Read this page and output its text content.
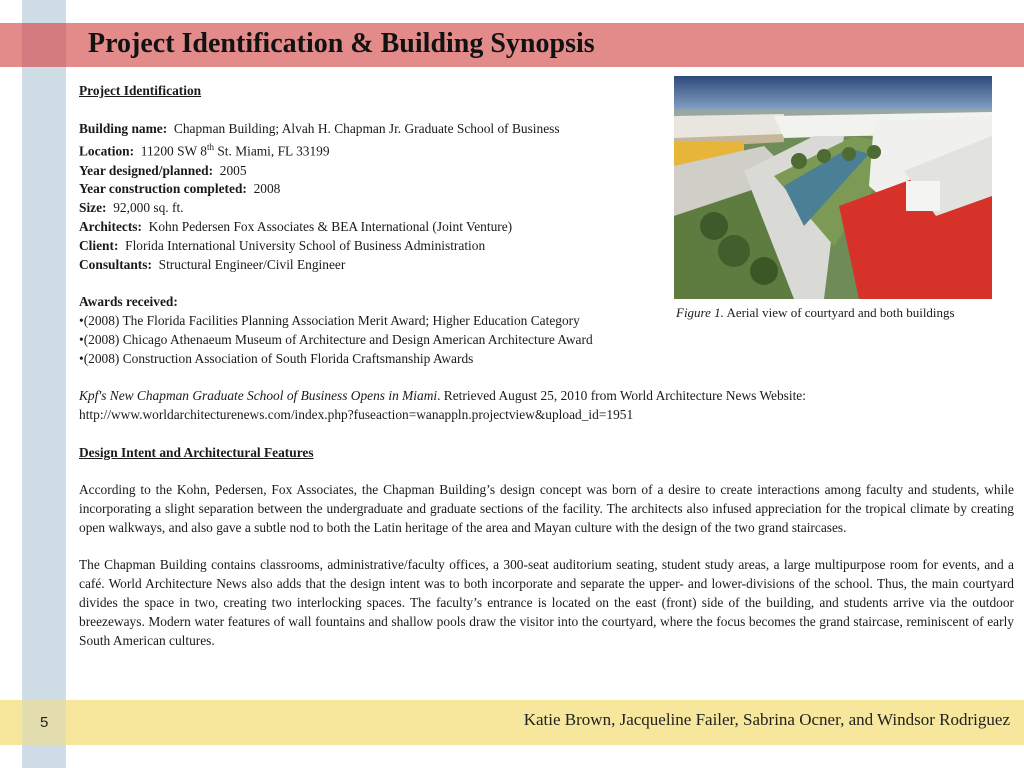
Project Identification & Building Synopsis

Project Identification

Building name: Chapman Building; Alvah H. Chapman Jr. Graduate School of Business

Location: 11200 SW 8th St. Miami, FL 33199

Year designed/planned: 2005

Year construction completed: 2008

Size: 92,000 sq. ft.

Architects: Kohn Pedersen Fox Associates & BEA International (Joint Venture)

Client: Florida International University School of Business Administration

Consultants: Structural Engineer/Civil Engineer

Awards received:

•(2008) The Florida Facilities Planning Association Merit Award; Higher Education Category

•(2008) Chicago Athenaeum Museum of Architecture and Design American Architecture Award

•(2008) Construction Association of South Florida Craftsmanship Awards

Kpf's New Chapman Graduate School of Business Opens in Miami. Retrieved August 25, 2010 from World Architecture News Website:

http://www.worldarchitecturenews.com/index.php?fuseaction=wanappln.projectview&upload_id=1951

Design Intent and Architectural Features

According to the Kohn, Pedersen, Fox Associates, the Chapman Building’s design concept was born of a desire to create interactions among faculty and students, while incorporating a slight separation between the undergraduate and graduate sections of the facility. The architects also infused appreciation for the tropical climate by creating open walkways, and also gave a subtle nod to both the Latin heritage of the area and Mayan culture with the design of the two grand staircases.

The Chapman Building contains classrooms, administrative/faculty offices, a 300-seat auditorium seating, student study areas, a large multipurpose room for events, and a café. World Architecture News also adds that the design intent was to both incorporate and separate the upper- and lower-divisions of the school. Thus, the main courtyard divides the space in two, creating two interlocking spaces. The faculty’s entrance is located on the east (front) side of the building, and students arrive via the outdoor breezeways. Modern water features of wall fountains and shallow pools draw the visitor into the courtyard, where the focus becomes the grand staircase, reminiscent of early South American cultures.

Figure 1. Aerial view of courtyard and both buildings
5	Katie Brown, Jacqueline Failer, Sabrina Ocner, and Windsor Rodriguez
